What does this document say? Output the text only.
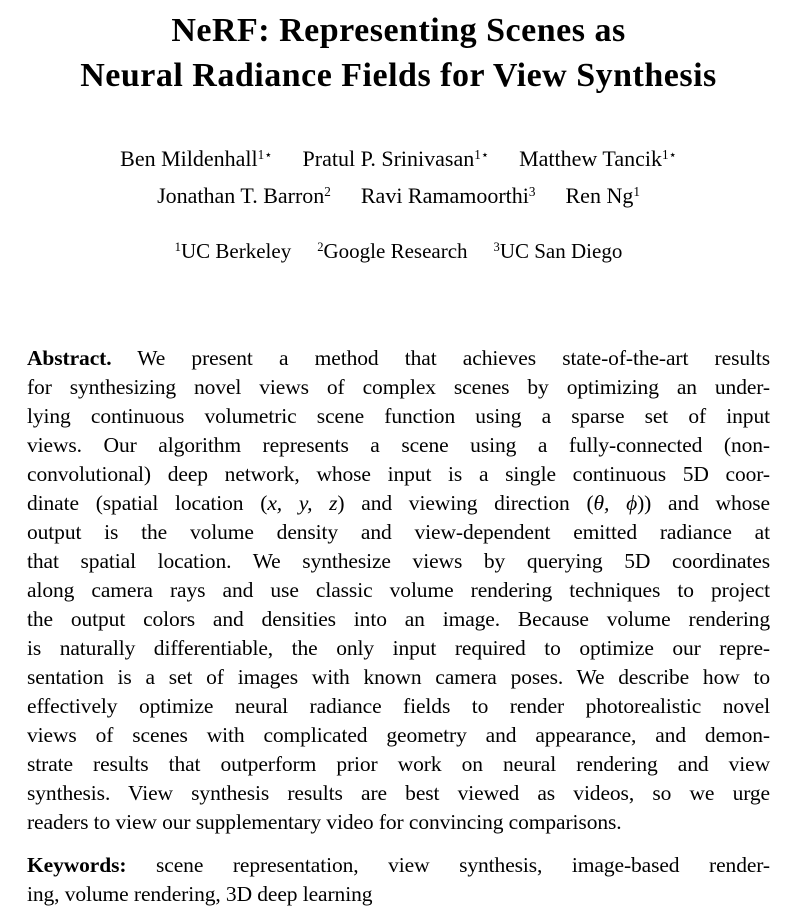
NeRF: Representing Scenes as
Neural Radiance Fields for View Synthesis
Ben Mildenhall$^{1⋆}$ Pratul P. Srinivasan$^{1⋆}$ Matthew Tancik$^{1⋆}$
Jonathan T. Barron$^2$ Ravi Ramamoorthi$^3$ Ren Ng$^1$
$^1$UC Berkeley $^2$Google Research $^3$UC San Diego
Abstract. We present a method that achieves state-of-the-art results
for synthesizing novel views of complex scenes by optimizing an under-
lying continuous volumetric scene function using a sparse set of input
views. Our algorithm represents a scene using a fully-connected (non-
convolutional) deep network, whose input is a single continuous 5D coor-
dinate (spatial location (x, y, z) and viewing direction (θ, ϕ)) and whose
output is the volume density and view-dependent emitted radiance at
that spatial location. We synthesize views by querying 5D coordinates
along camera rays and use classic volume rendering techniques to project
the output colors and densities into an image. Because volume rendering
is naturally differentiable, the only input required to optimize our repre-
sentation is a set of images with known camera poses. We describe how to
effectively optimize neural radiance fields to render photorealistic novel
views of scenes with complicated geometry and appearance, and demon-
strate results that outperform prior work on neural rendering and view
synthesis. View synthesis results are best viewed as videos, so we urge
readers to view our supplementary video for convincing comparisons.
Keywords: scene representation, view synthesis, image-based render-
ing, volume rendering, 3D deep learning
